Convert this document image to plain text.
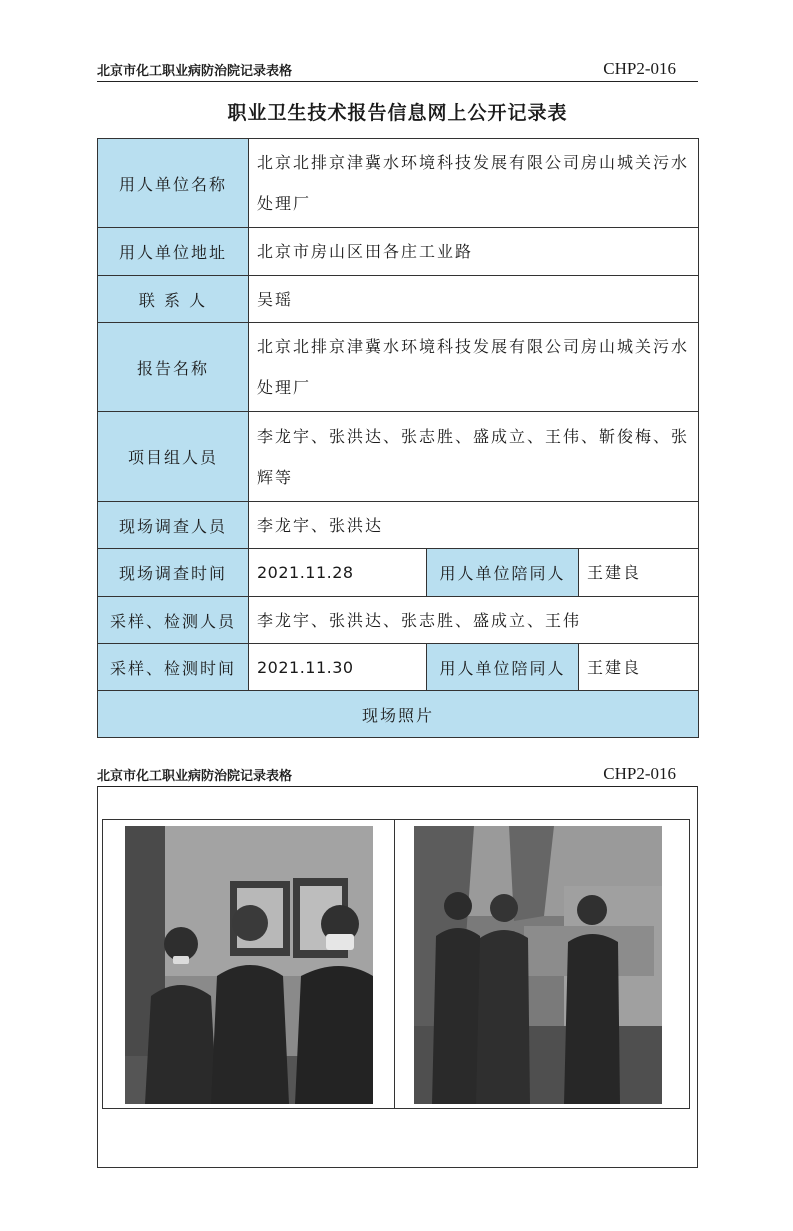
北京市化工职业病防治院记录表格	CHP2-016
职业卫生技术报告信息网上公开记录表
用人单位名称	北京北排京津冀水环境科技发展有限公司房山城关污水处理厂		
用人单位地址	北京市房山区田各庄工业路		
联 系 人	吴瑶		
报告名称	北京北排京津冀水环境科技发展有限公司房山城关污水处理厂		
项目组人员	李龙宇、张洪达、张志胜、盛成立、王伟、靳俊梅、张辉等		
现场调查人员	李龙宇、张洪达		
现场调查时间	2021.11.28	用人单位陪同人	王建良
采样、检测人员	李龙宇、张洪达、张志胜、盛成立、王伟		
采样、检测时间	2021.11.30	用人单位陪同人	王建良
现场照片			
北京市化工职业病防治院记录表格	CHP2-016
